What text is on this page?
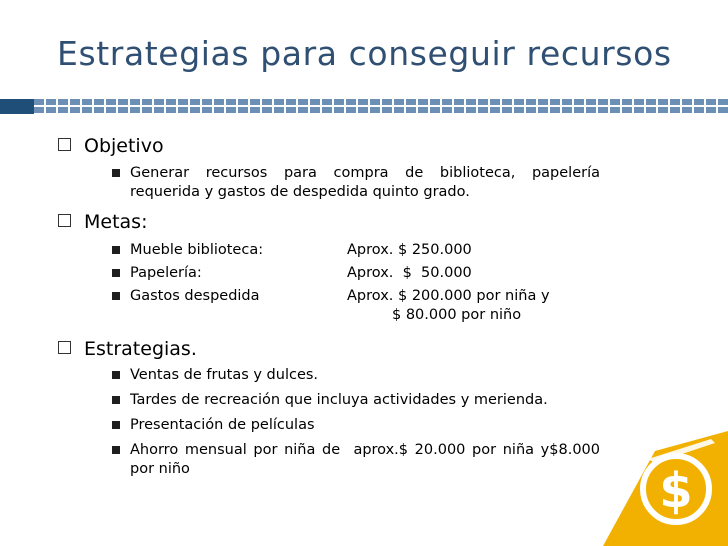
Estrategias para conseguir recursos
Objetivo
Generar recursos para compra de biblioteca, papelería requerida y gastos de despedida quinto grado.
Metas:
Mueble biblioteca:	Aprox. $ 250.000
Papelería:	Aprox.  $  50.000
Gastos despedida	Aprox. $ 200.000 por niña y
$ 80.000 por niño
Estrategias.
Ventas de frutas y dulces.
Tardes de recreación que incluya actividades y merienda.
Presentación de películas
Ahorro mensual por niña de  aprox.$ 20.000 por niña y$8.000 por niño	$
